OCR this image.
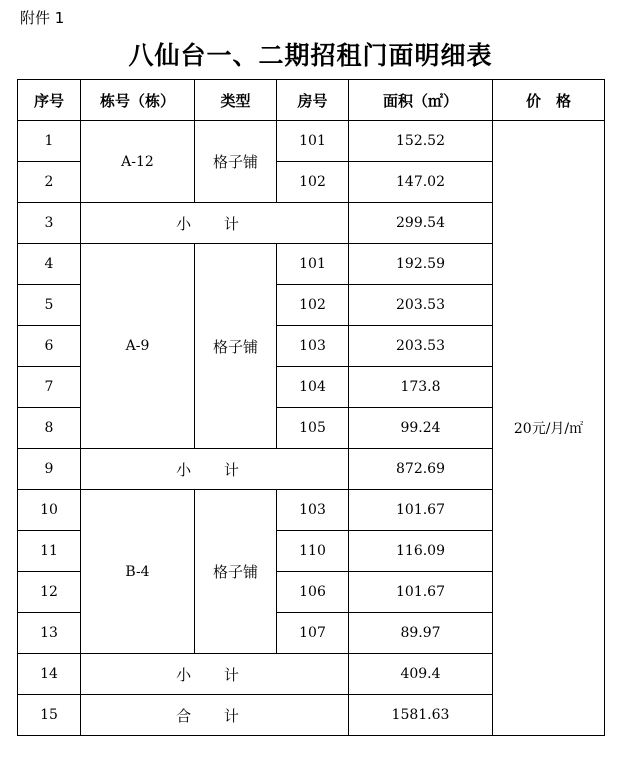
附件 1
八仙台一、二期招租门面明细表
序号	栋号（栋）	类型	房号	面积（㎡）	价　格
1	A-12	格子铺	101	152.52	20元/月/㎡
2			102	147.02	
3	小 计			299.54	
4	A-9	格子铺	101	192.59	
5			102	203.53	
6			103	203.53	
7			104	173.8	
8			105	99.24	
9	小 计			872.69	
10	B-4	格子铺	103	101.67	
11			110	116.09	
12			106	101.67	
13			107	89.97	
14	小 计			409.4	
15	合 计			1581.63	
